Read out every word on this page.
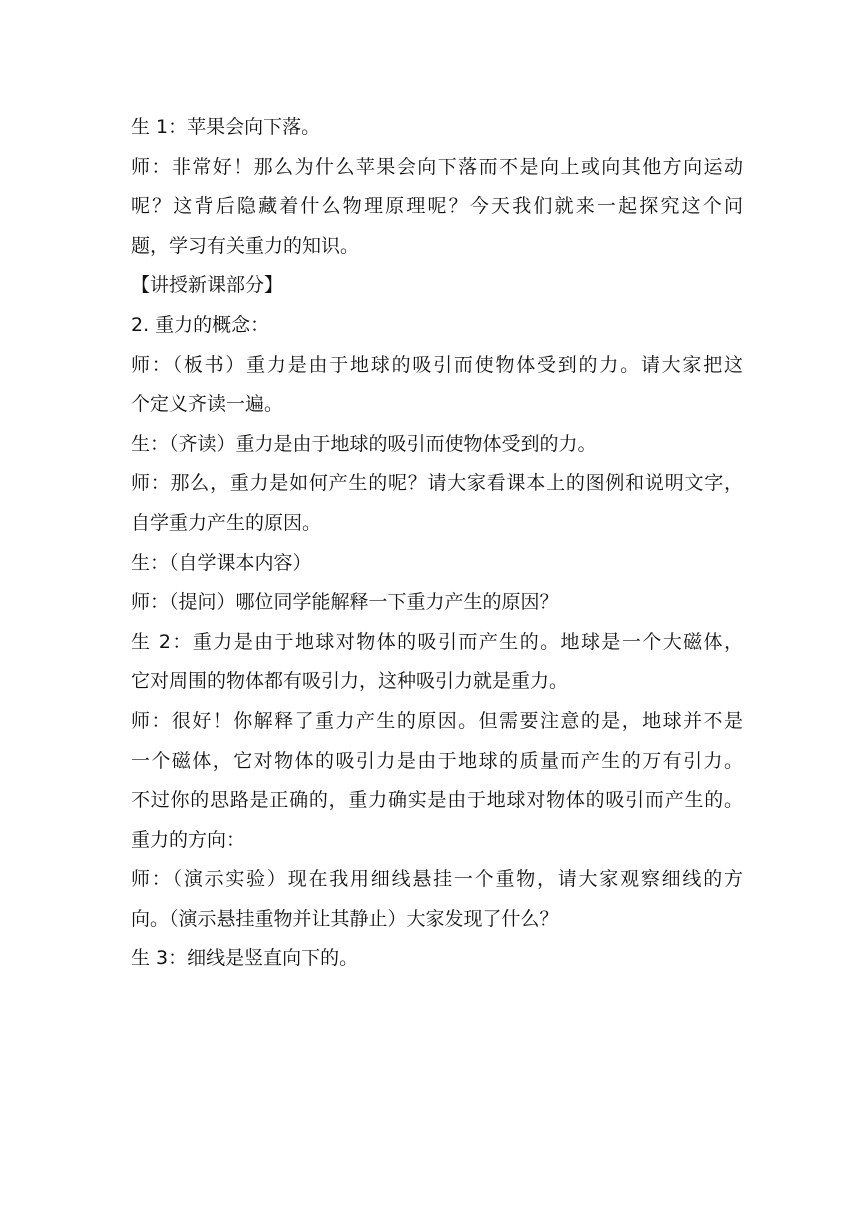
生 1：苹果会向下落。
师：非常好！那么为什么苹果会向下落而不是向上或向其他方向运动
呢？这背后隐藏着什么物理原理呢？今天我们就来一起探究这个问
题，学习有关重力的知识。
【讲授新课部分】
2. 重力的概念：
师：（板书）重力是由于地球的吸引而使物体受到的力。请大家把这
个定义齐读一遍。
生：（齐读）重力是由于地球的吸引而使物体受到的力。
师：那么，重力是如何产生的呢？请大家看课本上的图例和说明文字，
自学重力产生的原因。
生：（自学课本内容）
师：（提问）哪位同学能解释一下重力产生的原因？
生 2：重力是由于地球对物体的吸引而产生的。地球是一个大磁体，
它对周围的物体都有吸引力，这种吸引力就是重力。
师：很好！你解释了重力产生的原因。但需要注意的是，地球并不是
一个磁体，它对物体的吸引力是由于地球的质量而产生的万有引力。
不过你的思路是正确的，重力确实是由于地球对物体的吸引而产生的。
重力的方向：
师：（演示实验）现在我用细线悬挂一个重物，请大家观察细线的方
向。（演示悬挂重物并让其静止）大家发现了什么？
生 3：细线是竖直向下的。
